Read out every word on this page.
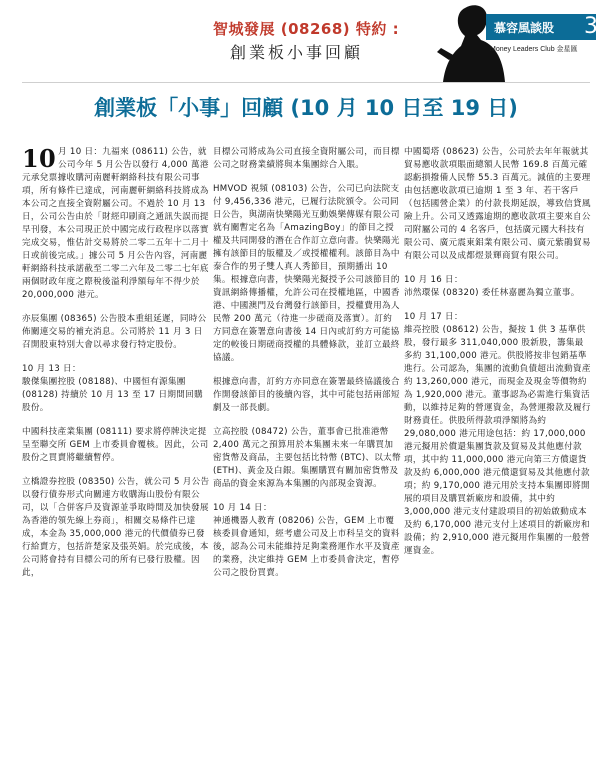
智城發展 (08268) 特約 :
創業板小事回顧
慕容風談股 3
Money Leaders Club 金星匯
創業板「小事」回顧 (10 月 10 日至 19 日)

10 月 10 日：九福來 (08611) 公告，就公司今年 5 月公告以發行 4,000 萬港元承兌票據收購河南麗軒網絡科技有限公司事項，所有條件已達成，河南麗軒網絡科技將成為本公司之直接全資附屬公司。不過於 10 月 13 日，公司公告由於「財經印刷商之通訊失誤而提早刊發，本公司現正於中國完成行政程序以落實完成交易，惟估計交易將於二零二五年十二月十日或前後完成。」據公司 5 月公告內容，河南麗軒網絡科技承諾截至二零二六年及二零二七年底兩個財政年度之際稅後溢利淨額每年不得少於 20,000,000 港元。

亦辰集團 (08365) 公告股本重組延遲，同時公佈關連交易的補充消息。公司將於 11 月 3 日召開股東特別大會以尋求發行特定股份。

10 月 13 日：

駿傑集團控股 (08188)、中國恒有源集團 (08128) 持續於 10 月 13 至 17 日期間回購股份。

中國科技產業集團 (08111) 要求將停牌決定提呈至聯交所 GEM 上市委員會覆核。因此，公司股份之買賣將繼續暫停。

立橋證券控股 (08350) 公告，就公司 5 月公告以發行債券形式向關連方收購海山股份有限公司，以「合併客戶及資源並爭取時間及加快發展為香港的領先線上券商」，相關交易條件已達成，本金為 35,000,000 港元的代價債券已發行給賣方，包括許楚家及張英娟。於完成後，本公司將會持有目標公司的所有已發行股權。因此，

目標公司將成為公司直接全資附屬公司，而目標公司之財務業績將與本集團綜合入賬。

HMVOD 視頻 (08103) 公告，公司已向法院支付 9,456,336 港元，已履行法院頒令。公司同日公告，與湖南快樂陽光互動娛樂傳媒有限公司就有關暫定名為「AmazingBoy」的節目之授權及共同開發的潛在合作訂立意向書。快樂陽光擁有該節目的版權及／或授權權利。該節目為中泰合作的男子雙人真人秀節目，預期播出 10 集。根據意向書，快樂陽光擬授予公司該節目的資訊網絡傳播權，允許公司在授權地區，中國香港、中國澳門及台灣發行該節目，授權費用為人民幣 200 萬元（待進一步磋商及落實）。訂約方同意在簽署意向書後 14 日內或訂約方可能協定的較後日期磋商授權的具體條款，並訂立最終協議。

根據意向書，訂約方亦同意在簽署最終協議後合作開發該節目的後續內容，其中可能包括兩部短劇及一部長劇。

立高控股 (08472) 公告，董事會已批准港幣 2,400 萬元之預算用於本集團未來一年購買加密貨幣及商品，主要包括比特幣 (BTC)、以太幣 (ETH)、黃金及白銀。集團購買有關加密貨幣及商品的資金來源為本集團的內部現金資源。

10 月 14 日：

神通機器人教育 (08206) 公告，GEM 上市覆核委員會通知，經考慮公司及上市科呈交的資料後，認為公司未能維持足夠業務運作水平及資產的業務，決定維持 GEM 上市委員會決定，暫停公司之股份買賣。

中國蜀塔 (08623) 公告，公司於去年年報就其貿易應收款項賬面總額人民幣 169.8 百萬元確認虧損撥備人民幣 55.3 百萬元。減值的主要理由包括應收款項已逾期 1 至 3 年、若干客戶（包括國營企業）的付款長期延誤，導致信貸風險上升。公司又透露逾期的應收款項主要來自公司附屬公司的 4 名客戶，包括廣元國大科技有限公司、廣元震東鋁業有限公司、廣元紫鵑貿易有限公司以及成都煜景輝商貿有限公司。

10 月 16 日：

沛然環保 (08320) 委任林嘉麗為獨立董事。

10 月 17 日：

維亮控股 (08612) 公告，擬按 1 供 3 基準供股，發行最多 311,040,000 股新股，籌集最多約 31,100,000 港元。供股將按非包銷基準進行。公司認為，集團的流動負債超出流動資產約 13,260,000 港元，而現金及現金等價物約為 1,920,000 港元。董事認為必需進行集資活動，以維持足夠的營運資金，為營運撥款及履行財務責任。供股所得款項淨額將為約 29,080,000 港元用途包括：約 17,000,000 港元擬用於償還集團貨款及貿易及其他應付款項，其中約 11,000,000 港元向第三方償還貨款及約 6,000,000 港元償還貿易及其他應付款項；約 9,170,000 港元用於支持本集團即將開展的項目及購買新廠房和設備，其中約 3,000,000 港元支付建設項目的初始啟動成本及約 6,170,000 港元支付上述項目的新廠房和設備；約 2,910,000 港元擬用作集團的一般營運資金。
